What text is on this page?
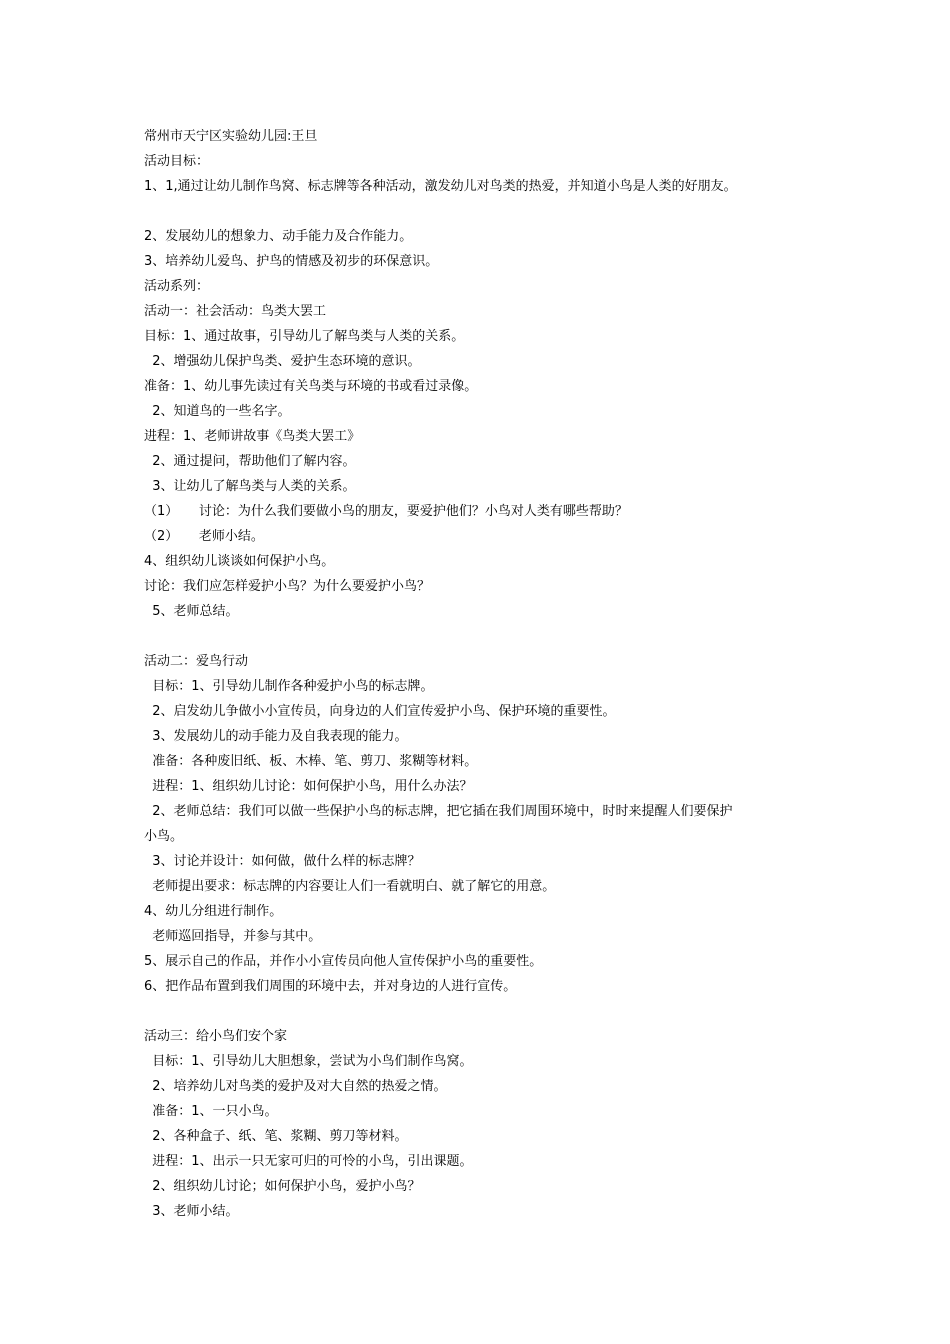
常州市天宁区实验幼儿园:王旦

活动目标：

1、1,通过让幼儿制作鸟窝、标志牌等各种活动，激发幼儿对鸟类的热爱，并知道小鸟是人类的好朋友。

2、发展幼儿的想象力、动手能力及合作能力。

3、培养幼儿爱鸟、护鸟的情感及初步的环保意识。

活动系列：

活动一：社会活动：鸟类大罢工

目标：1、通过故事，引导幼儿了解鸟类与人类的关系。

2、增强幼儿保护鸟类、爱护生态环境的意识。

准备：1、幼儿事先读过有关鸟类与环境的书或看过录像。

2、知道鸟的一些名字。

进程：1、老师讲故事《鸟类大罢工》

2、通过提问，帮助他们了解内容。

3、让幼儿了解鸟类与人类的关系。

（1）     讨论：为什么我们要做小鸟的朋友，要爱护他们？小鸟对人类有哪些帮助？

（2）     老师小结。

4、组织幼儿谈谈如何保护小鸟。

讨论：我们应怎样爱护小鸟？为什么要爱护小鸟？

5、老师总结。

活动二：爱鸟行动

目标：1、引导幼儿制作各种爱护小鸟的标志牌。

2、启发幼儿争做小小宣传员，向身边的人们宣传爱护小鸟、保护环境的重要性。

3、发展幼儿的动手能力及自我表现的能力。

准备：各种废旧纸、板、木棒、笔、剪刀、浆糊等材料。

进程：1、组织幼儿讨论：如何保护小鸟，用什么办法？

2、老师总结：我们可以做一些保护小鸟的标志牌，把它插在我们周围环境中，时时来提醒人们要保护

小鸟。

3、讨论并设计：如何做，做什么样的标志牌？

老师提出要求：标志牌的内容要让人们一看就明白、就了解它的用意。

4、幼儿分组进行制作。

老师巡回指导，并参与其中。

5、展示自己的作品，并作小小宣传员向他人宣传保护小鸟的重要性。

6、把作品布置到我们周围的环境中去，并对身边的人进行宣传。

活动三：给小鸟们安个家

目标：1、引导幼儿大胆想象，尝试为小鸟们制作鸟窝。

2、培养幼儿对鸟类的爱护及对大自然的热爱之情。

准备：1、一只小鸟。

2、各种盒子、纸、笔、浆糊、剪刀等材料。

进程：1、出示一只无家可归的可怜的小鸟，引出课题。

2、组织幼儿讨论；如何保护小鸟，爱护小鸟？

3、老师小结。
